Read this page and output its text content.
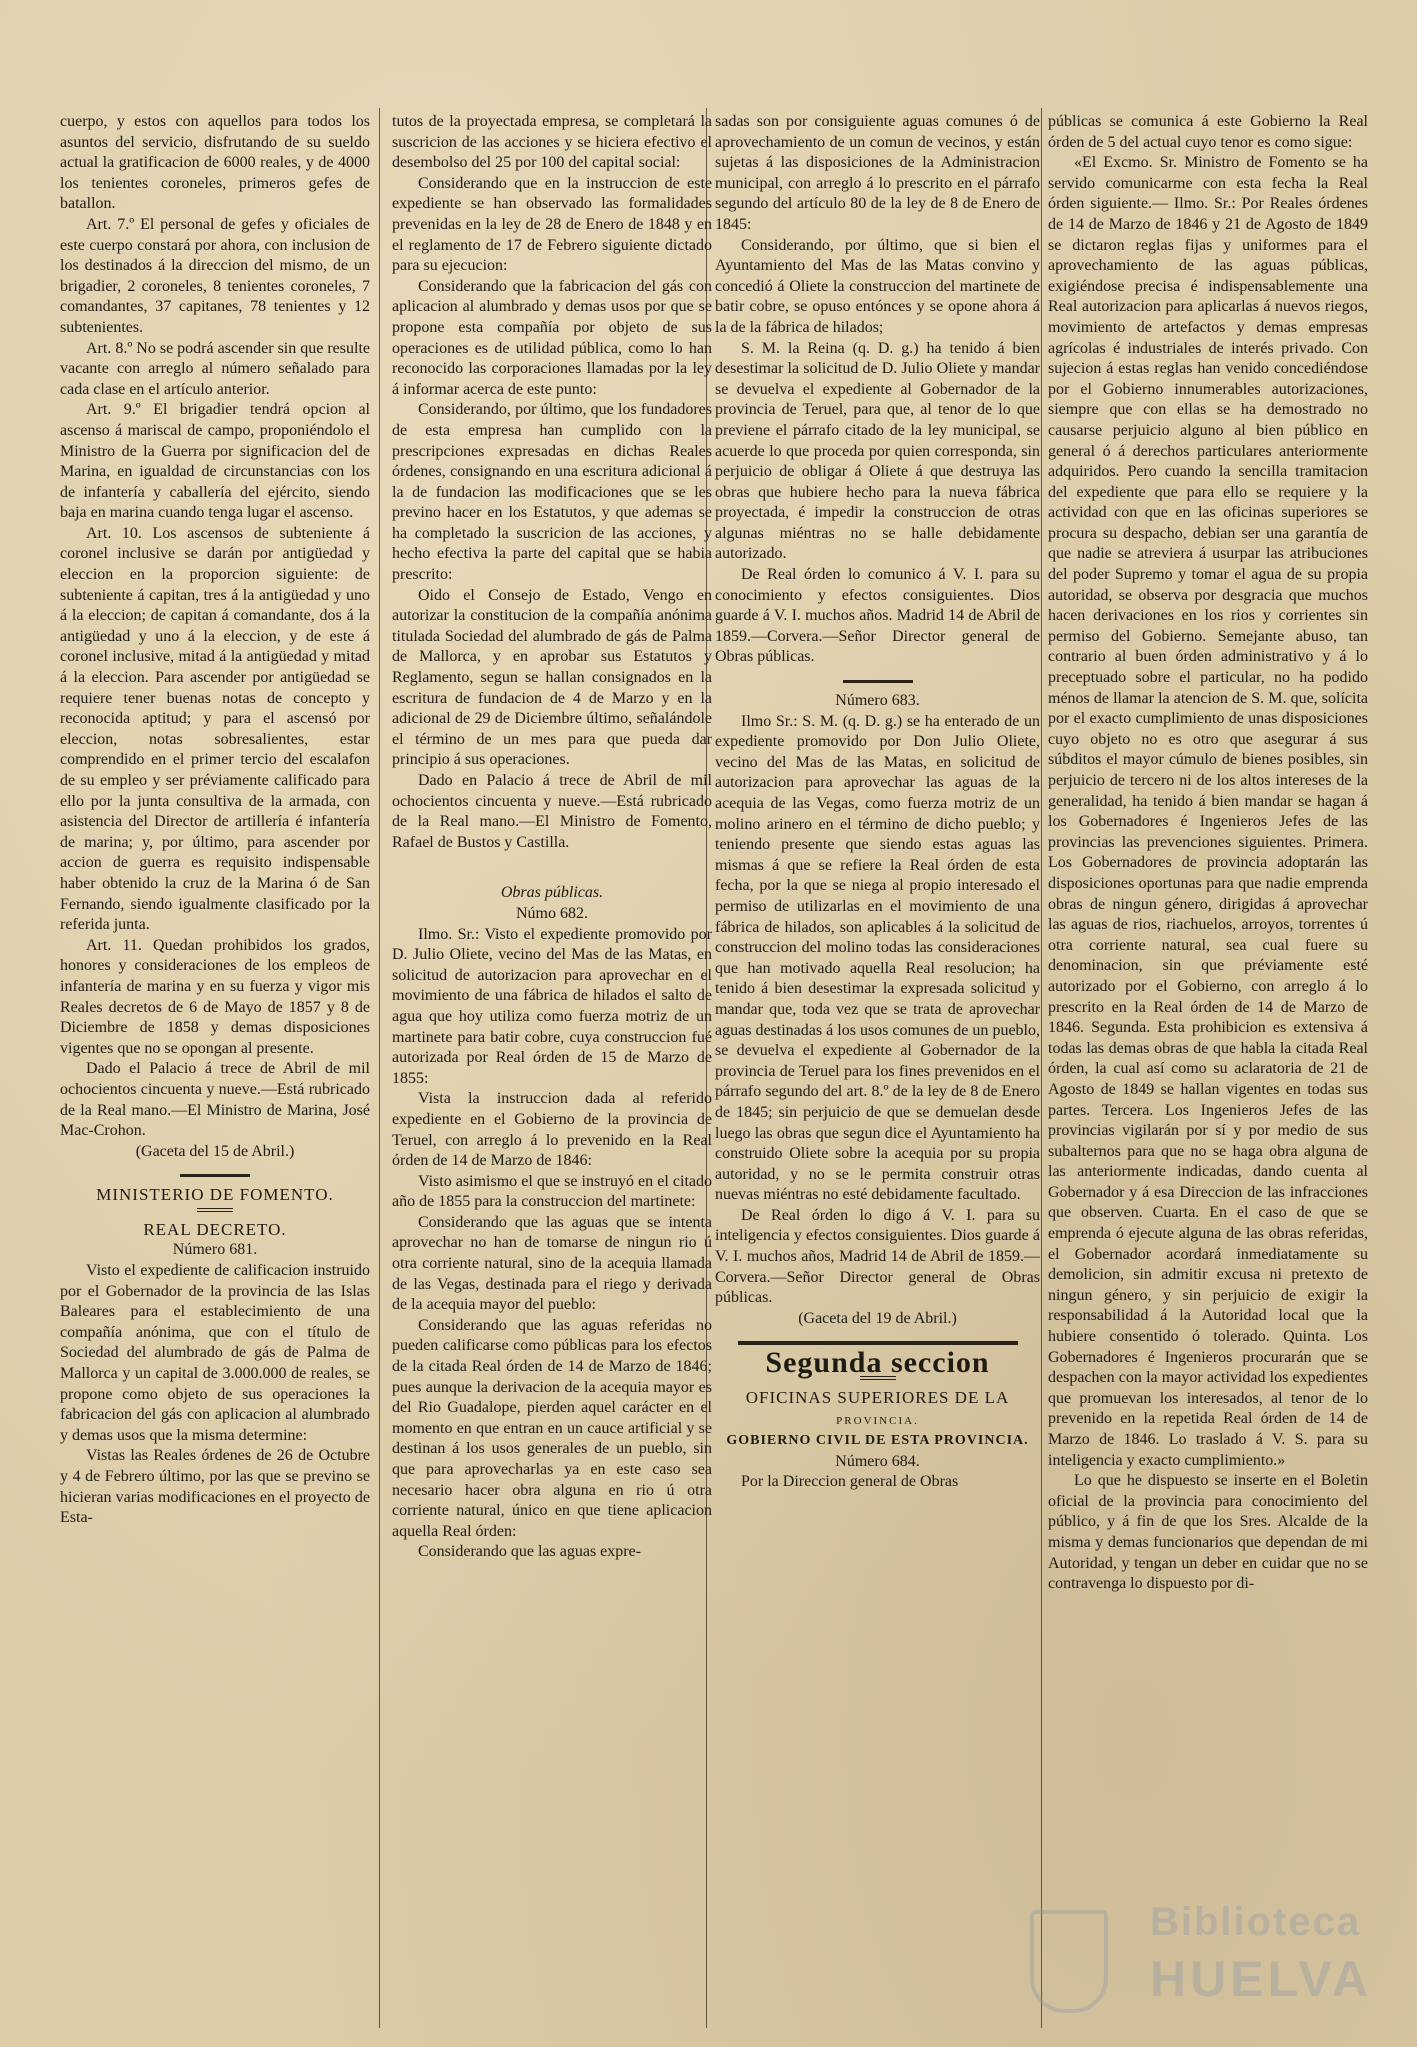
cuerpo, y estos con aquellos para todos los asuntos del servicio, disfrutando de su sueldo actual la gratificacion de 6000 reales, y de 4000 los tenientes coroneles, primeros gefes de batallon.

Art. 7.º El personal de gefes y oficiales de este cuerpo constará por ahora, con inclusion de los destinados á la direccion del mismo, de un brigadier, 2 coroneles, 8 tenientes coroneles, 7 comandantes, 37 capitanes, 78 tenientes y 12 subtenientes.

Art. 8.º No se podrá ascender sin que resulte vacante con arreglo al número señalado para cada clase en el artículo anterior.

Art. 9.º El brigadier tendrá opcion al ascenso á mariscal de campo, proponiéndolo el Ministro de la Guerra por significacion del de Marina, en igualdad de circunstancias con los de infantería y caballería del ejército, siendo baja en marina cuando tenga lugar el ascenso.

Art. 10. Los ascensos de subteniente á coronel inclusive se darán por antigüedad y eleccion en la proporcion siguiente: de subteniente á capitan, tres á la antigüedad y uno á la eleccion; de capitan á comandante, dos á la antigüedad y uno á la eleccion, y de este á coronel inclusive, mitad á la antigüedad y mitad á la eleccion. Para ascender por antigüedad se requiere tener buenas notas de concepto y reconocida aptitud; y para el ascensó por eleccion, notas sobresalientes, estar comprendido en el primer tercio del escalafon de su empleo y ser préviamente calificado para ello por la junta consultiva de la armada, con asistencia del Director de artillería é infantería de marina; y, por último, para ascender por accion de guerra es requisito indispensable haber obtenido la cruz de la Marina ó de San Fernando, siendo igualmente clasificado por la referida junta.

Art. 11. Quedan prohibidos los grados, honores y consideraciones de los empleos de infantería de marina y en su fuerza y vigor mis Reales decretos de 6 de Mayo de 1857 y 8 de Diciembre de 1858 y demas disposiciones vigentes que no se opongan al presente.

Dado el Palacio á trece de Abril de mil ochocientos cincuenta y nueve.—Está rubricado de la Real mano.—El Ministro de Marina, José Mac-Crohon.

(Gaceta del 15 de Abril.)

MINISTERIO DE FOMENTO.

REAL DECRETO.

Número 681.

Visto el expediente de calificacion instruido por el Gobernador de la provincia de las Islas Baleares para el establecimiento de una compañía anónima, que con el título de Sociedad del alumbrado de gás de Palma de Mallorca y un capital de 3.000.000 de reales, se propone como objeto de sus operaciones la fabricacion del gás con aplicacion al alumbrado y demas usos que la misma determine:

Vistas las Reales órdenes de 26 de Octubre y 4 de Febrero último, por las que se previno se hicieran varias modificaciones en el proyecto de Esta-

tutos de la proyectada empresa, se completará la suscricion de las acciones y se hiciera efectivo el desembolso del 25 por 100 del capital social:

Considerando que en la instruccion de este expediente se han observado las formalidades prevenidas en la ley de 28 de Enero de 1848 y en el reglamento de 17 de Febrero siguiente dictado para su ejecucion:

Considerando que la fabricacion del gás con aplicacion al alumbrado y demas usos por que se propone esta compañía por objeto de sus operaciones es de utilidad pública, como lo han reconocido las corporaciones llamadas por la ley á informar acerca de este punto:

Considerando, por último, que los fundadores de esta empresa han cumplido con la prescripciones expresadas en dichas Reales órdenes, consignando en una escritura adicional á la de fundacion las modificaciones que se les previno hacer en los Estatutos, y que ademas se ha completado la suscricion de las acciones, y hecho efectiva la parte del capital que se habia prescrito:

Oido el Consejo de Estado, Vengo en autorizar la constitucion de la compañía anónima titulada Sociedad del alumbrado de gás de Palma de Mallorca, y en aprobar sus Estatutos y Reglamento, segun se hallan consignados en la escritura de fundacion de 4 de Marzo y en la adicional de 29 de Diciembre último, señalándole el término de un mes para que pueda dar principio á sus operaciones.

Dado en Palacio á trece de Abril de mil ochocientos cincuenta y nueve.—Está rubricado de la Real mano.—El Ministro de Fomento, Rafael de Bustos y Castilla.

Obras públicas.

Númo 682.

Ilmo. Sr.: Visto el expediente promovido por D. Julio Oliete, vecino del Mas de las Matas, en solicitud de autorizacion para aprovechar en el movimiento de una fábrica de hilados el salto de agua que hoy utiliza como fuerza motriz de un martinete para batir cobre, cuya construccion fué autorizada por Real órden de 15 de Marzo de 1855:

Vista la instruccion dada al referido expediente en el Gobierno de la provincia de Teruel, con arreglo á lo prevenido en la Real órden de 14 de Marzo de 1846:

Visto asimismo el que se instruyó en el citado año de 1855 para la construccion del martinete:

Considerando que las aguas que se intenta aprovechar no han de tomarse de ningun rio ú otra corriente natural, sino de la acequia llamada de las Vegas, destinada para el riego y derivada de la acequia mayor del pueblo:

Considerando que las aguas referidas no pueden calificarse como públicas para los efectos de la citada Real órden de 14 de Marzo de 1846; pues aunque la derivacion de la acequia mayor es del Rio Guadalope, pierden aquel carácter en el momento en que entran en un cauce artificial y se destinan á los usos generales de un pueblo, sin que para aprovecharlas ya en este caso sea necesario hacer obra alguna en rio ú otra corriente natural, único en que tiene aplicacion aquella Real órden:

Considerando que las aguas expre-

sadas son por consiguiente aguas comunes ó de aprovechamiento de un comun de vecinos, y están sujetas á las disposiciones de la Administracion municipal, con arreglo á lo prescrito en el párrafo segundo del artículo 80 de la ley de 8 de Enero de 1845:

Considerando, por último, que si bien el Ayuntamiento del Mas de las Matas convino y concedió á Oliete la construccion del martinete de batir cobre, se opuso entónces y se opone ahora á la de la fábrica de hilados;

S. M. la Reina (q. D. g.) ha tenido á bien desestimar la solicitud de D. Julio Oliete y mandar se devuelva el expediente al Gobernador de la provincia de Teruel, para que, al tenor de lo que previene el párrafo citado de la ley municipal, se acuerde lo que proceda por quien corresponda, sin perjuicio de obligar á Oliete á que destruya las obras que hubiere hecho para la nueva fábrica proyectada, é impedir la construccion de otras algunas miéntras no se halle debidamente autorizado.

De Real órden lo comunico á V. I. para su conocimiento y efectos consiguientes. Dios guarde á V. I. muchos años. Madrid 14 de Abril de 1859.—Corvera.—Señor Director general de Obras públicas.

Número 683.

Ilmo Sr.: S. M. (q. D. g.) se ha enterado de un expediente promovido por Don Julio Oliete, vecino del Mas de las Matas, en solicitud de autorizacion para aprovechar las aguas de la acequia de las Vegas, como fuerza motriz de un molino arinero en el término de dicho pueblo; y teniendo presente que siendo estas aguas las mismas á que se refiere la Real órden de esta fecha, por la que se niega al propio interesado el permiso de utilizarlas en el movimiento de una fábrica de hilados, son aplicables á la solicitud de construccion del molino todas las consideraciones que han motivado aquella Real resolucion; ha tenido á bien desestimar la expresada solicitud y mandar que, toda vez que se trata de aprovechar aguas destinadas á los usos comunes de un pueblo, se devuelva el expediente al Gobernador de la provincia de Teruel para los fines prevenidos en el párrafo segundo del art. 8.º de la ley de 8 de Enero de 1845; sin perjuicio de que se demuelan desde luego las obras que segun dice el Ayuntamiento ha construido Oliete sobre la acequia por su propia autoridad, y no se le permita construir otras nuevas miéntras no esté debidamente facultado.

De Real órden lo digo á V. I. para su inteligencia y efectos consiguientes. Dios guarde á V. I. muchos años, Madrid 14 de Abril de 1859.—Corvera.—Señor Director general de Obras públicas.

(Gaceta del 19 de Abril.)

Segunda seccion

OFICINAS SUPERIORES DE LA

PROVINCIA.

GOBIERNO CIVIL DE ESTA PROVINCIA.

Número 684.

Por la Direccion general de Obras

públicas se comunica á este Gobierno la Real órden de 5 del actual cuyo tenor es como sigue:

«El Excmo. Sr. Ministro de Fomento se ha servido comunicarme con esta fecha la Real órden siguiente.— Ilmo. Sr.: Por Reales órdenes de 14 de Marzo de 1846 y 21 de Agosto de 1849 se dictaron reglas fijas y uniformes para el aprovechamiento de las aguas públicas, exigiéndose precisa é indispensablemente una Real autorizacion para aplicarlas á nuevos riegos, movimiento de artefactos y demas empresas agrícolas é industriales de interés privado. Con sujecion á estas reglas han venido concediéndose por el Gobierno innumerables autorizaciones, siempre que con ellas se ha demostrado no causarse perjuicio alguno al bien público en general ó á derechos particulares anteriormente adquiridos. Pero cuando la sencilla tramitacion del expediente que para ello se requiere y la actividad con que en las oficinas superiores se procura su despacho, debian ser una garantía de que nadie se atreviera á usurpar las atribuciones del poder Supremo y tomar el agua de su propia autoridad, se observa por desgracia que muchos hacen derivaciones en los rios y corrientes sin permiso del Gobierno. Semejante abuso, tan contrario al buen órden administrativo y á lo preceptuado sobre el particular, no ha podido ménos de llamar la atencion de S. M. que, solícita por el exacto cumplimiento de unas disposiciones cuyo objeto no es otro que asegurar á sus súbditos el mayor cúmulo de bienes posibles, sin perjuicio de tercero ni de los altos intereses de la generalidad, ha tenido á bien mandar se hagan á los Gobernadores é Ingenieros Jefes de las provincias las prevenciones siguientes. Primera. Los Gobernadores de provincia adoptarán las disposiciones oportunas para que nadie emprenda obras de ningun género, dirigidas á aprovechar las aguas de rios, riachuelos, arroyos, torrentes ú otra corriente natural, sea cual fuere su denominacion, sin que préviamente esté autorizado por el Gobierno, con arreglo á lo prescrito en la Real órden de 14 de Marzo de 1846. Segunda. Esta prohibicion es extensiva á todas las demas obras de que habla la citada Real órden, la cual así como su aclaratoria de 21 de Agosto de 1849 se hallan vigentes en todas sus partes. Tercera. Los Ingenieros Jefes de las provincias vigilarán por sí y por medio de sus subalternos para que no se haga obra alguna de las anteriormente indicadas, dando cuenta al Gobernador y á esa Direccion de las infracciones que observen. Cuarta. En el caso de que se emprenda ó ejecute alguna de las obras referidas, el Gobernador acordará inmediatamente su demolicion, sin admitir excusa ni pretexto de ningun género, y sin perjuicio de exigir la responsabilidad á la Autoridad local que la hubiere consentido ó tolerado. Quinta. Los Gobernadores é Ingenieros procurarán que se despachen con la mayor actividad los expedientes que promuevan los interesados, al tenor de lo prevenido en la repetida Real órden de 14 de Marzo de 1846. Lo traslado á V. S. para su inteligencia y exacto cumplimiento.»

Lo que he dispuesto se inserte en el Boletin oficial de la provincia para conocimiento del público, y á fin de que los Sres. Alcalde de la misma y demas funcionarios que dependan de mi Autoridad, y tengan un deber en cuidar que no se contravenga lo dispuesto por di-

Biblioteca
HUELVA
